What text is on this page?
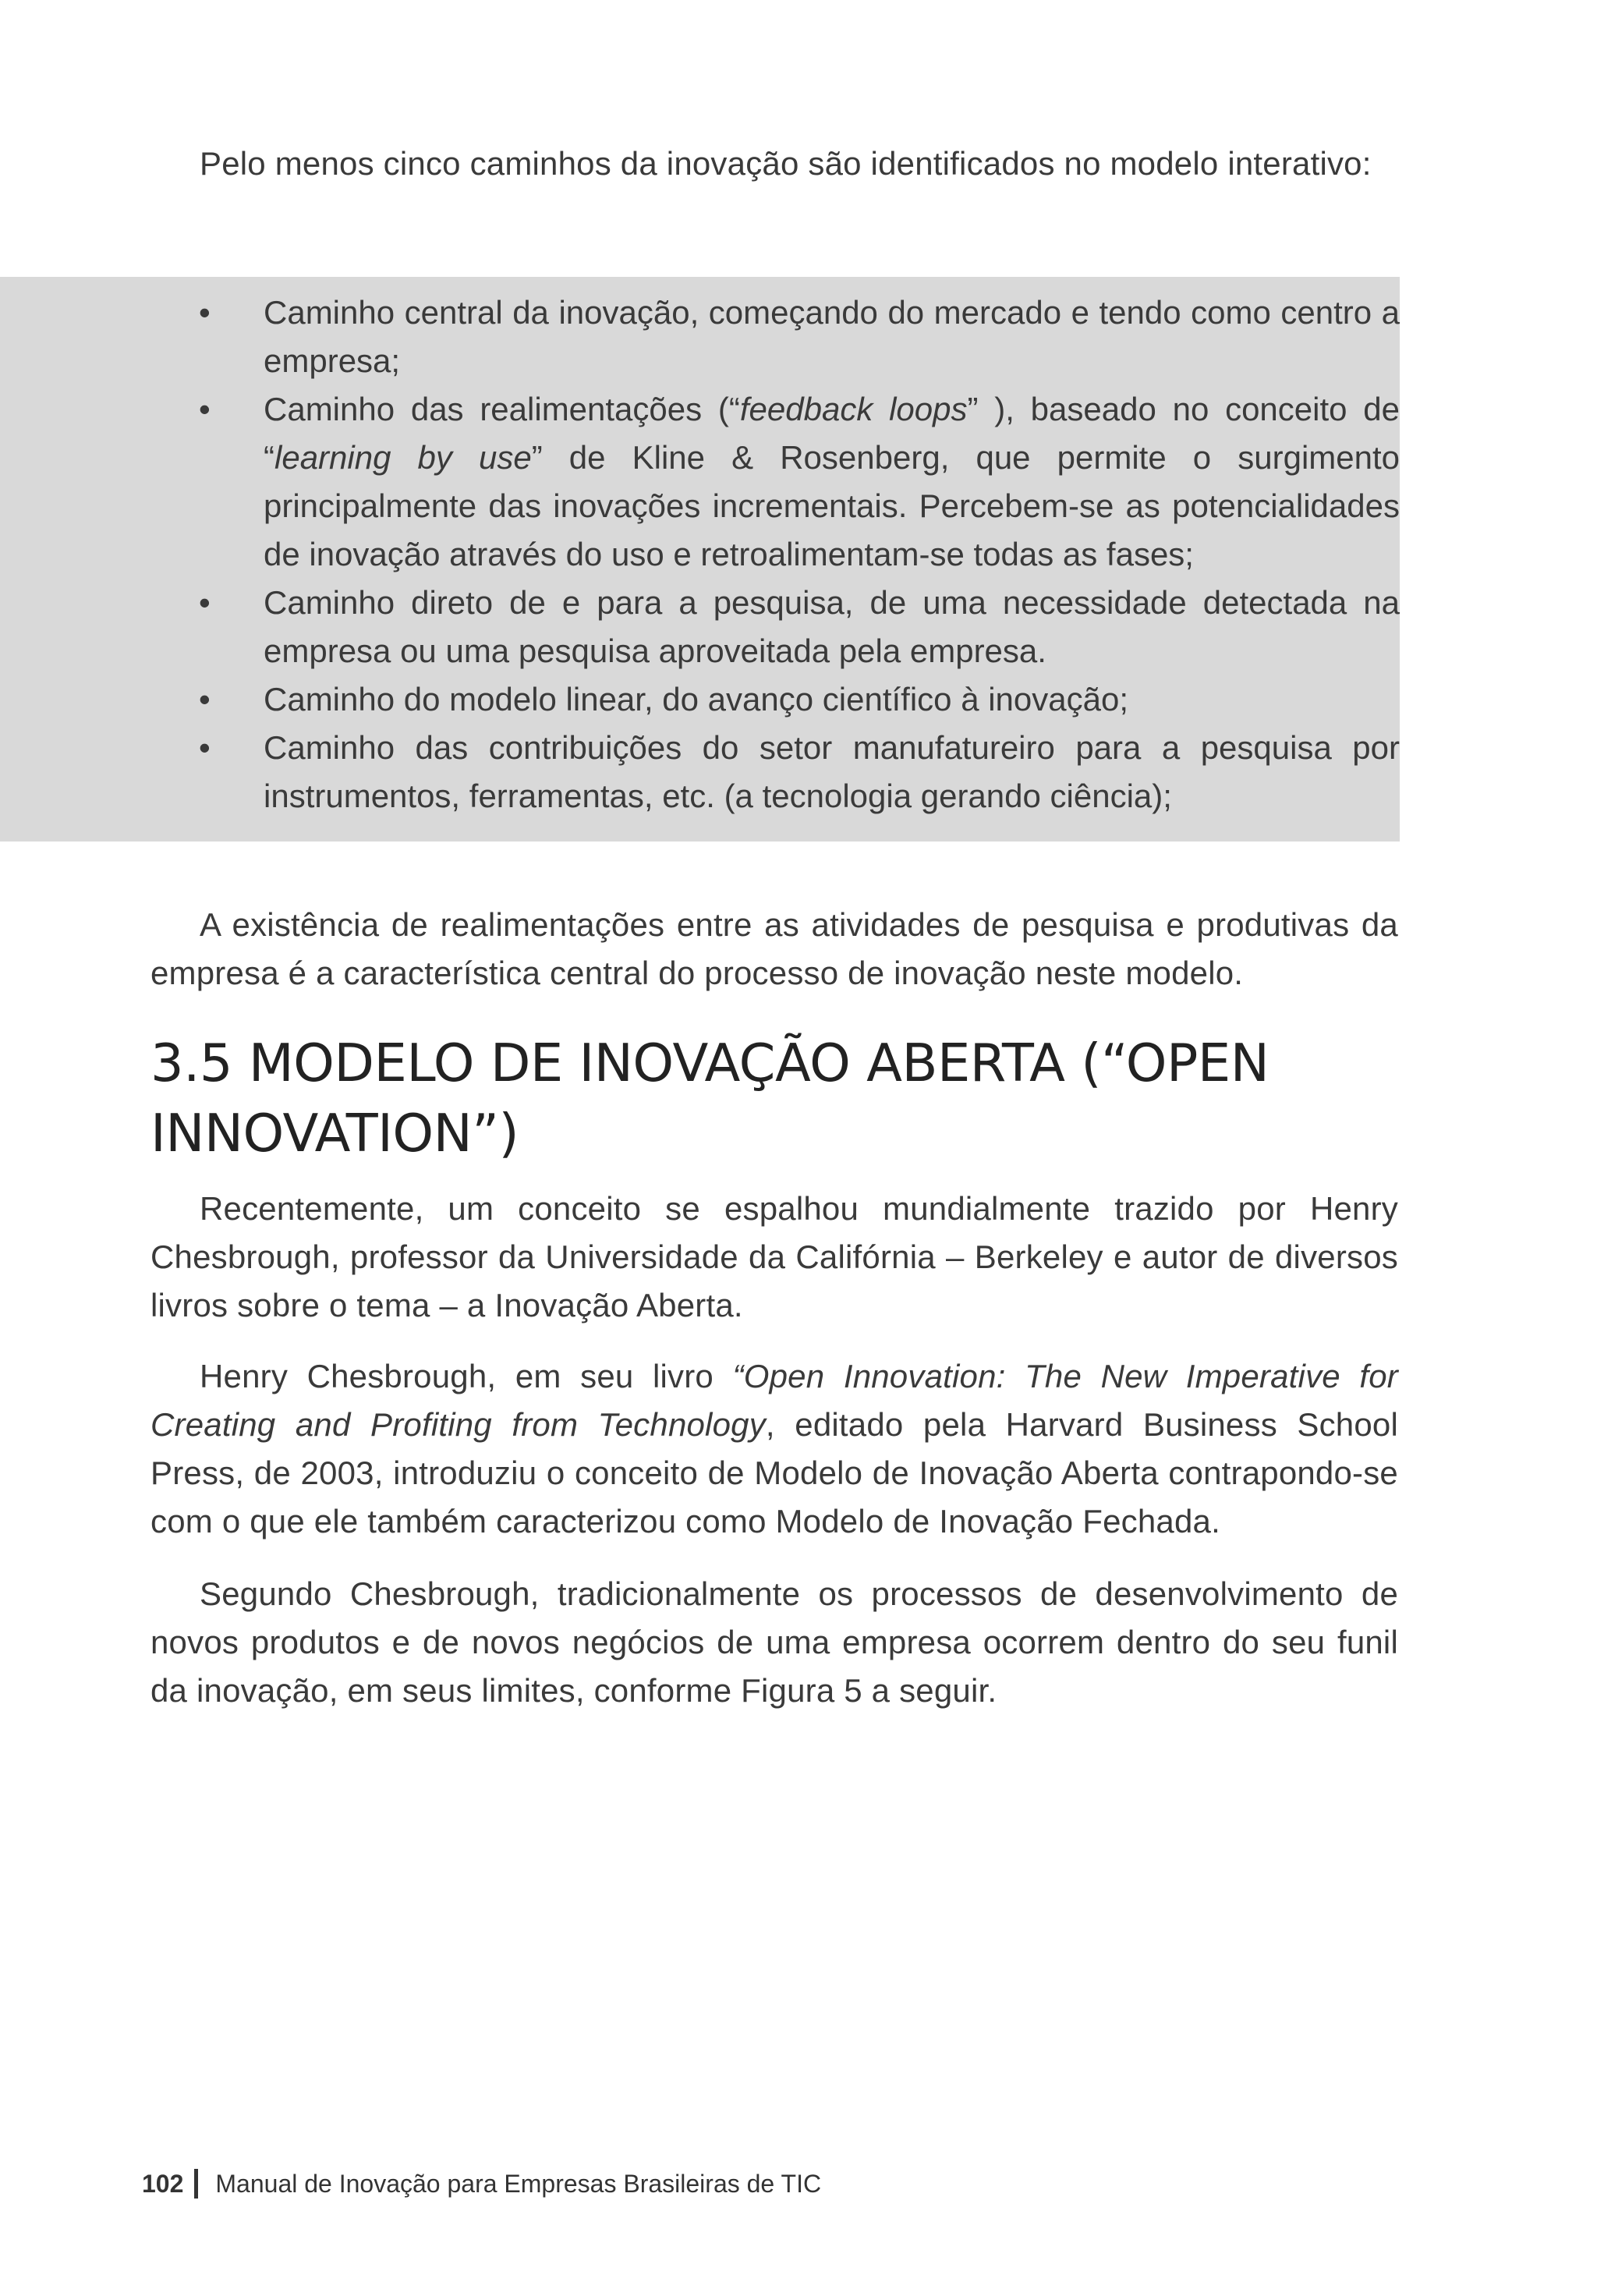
Pelo menos cinco caminhos da inovação são identificados no modelo interativo:

• Caminho central da inovação, começando do mercado e tendo como centro a empresa;
• Caminho das realimentações (“feedback loops” ), baseado no conceito de “learning by use” de Kline & Rosenberg, que permite o surgimento principalmente das inovações incrementais. Percebem-se as potencialidades de inovação através do uso e retroalimentam-se todas as fases;
• Caminho direto de e para a pesquisa, de uma necessidade detectada na empresa ou uma pesquisa aproveitada pela empresa.
• Caminho do modelo linear, do avanço científico à inovação;
• Caminho das contribuições do setor manufatureiro para a pesquisa por instrumentos, ferramentas, etc. (a tecnologia gerando ciência);

A existência de realimentações entre as atividades de pesquisa e produtivas da empresa é a característica central do processo de inovação neste modelo.

3.5 MODELO DE INOVAÇÃO ABERTA (“OPEN INNOVATION”)

Recentemente, um conceito se espalhou mundialmente trazido por Henry Chesbrough, professor da Universidade da Califórnia – Berkeley e autor de diversos livros sobre o tema – a Inovação Aberta.

Henry Chesbrough, em seu livro “Open Innovation: The New Imperative for Creating and Profiting from Technology, editado pela Harvard Business School Press, de 2003, introduziu o conceito de Modelo de Inovação Aberta contrapondo-se com o que ele também caracterizou como Modelo de Inovação Fechada.

Segundo Chesbrough, tradicionalmente os processos de desenvolvimento de novos produtos e de novos negócios de uma empresa ocorrem dentro do seu funil da inovação, em seus limites, conforme Figura 5 a seguir.

102 Manual de Inovação para Empresas Brasileiras de TIC
